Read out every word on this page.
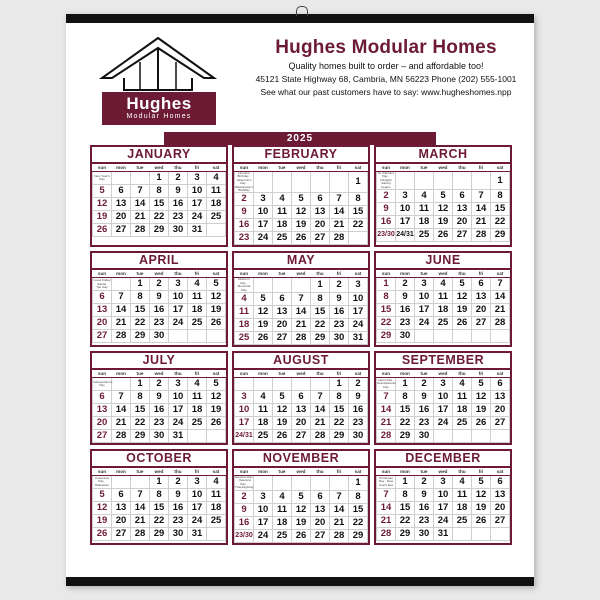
Hughes
Modular Homes
Hughes Modular Homes
Quality homes built to order – and affordable too!
45121 State Highway 68, Cambria, MN 56223 Phone (202) 555-1001
See what our past customers have to say: www.hugheshomes.npp
2025
JANUARY
sun	mon	tue	wed	thu	fri	sat
New Year's Day			1	2	3	4
5	6	7	8	9	10	11
12	13	14	15	16	17	18
19	20	21	22	23	24	25
26	27	28	29	30	31	
FEBRUARY
sun	mon	tue	wed	thu	fri	sat
Lincoln's Birthday · Valentine's Day · Washington's Birthday						1
2	3	4	5	6	7	8
9	10	11	12	13	14	15
16	17	18	19	20	21	22
23	24	25	26	27	28	
MARCH
sun	mon	tue	wed	thu	fri	sat
St. Patrick's Day · Daylight Saving begins						1
2	3	4	5	6	7	8
9	10	11	12	13	14	15
16	17	18	19	20	21	22
23/30	24/31	25	26	27	28	29
APRIL
sun	mon	tue	wed	thu	fri	sat
Good Friday · Easter · Tax Day		1	2	3	4	5
6	7	8	9	10	11	12
13	14	15	16	17	18	19
20	21	22	23	24	25	26
27	28	29	30			
MAY
sun	mon	tue	wed	thu	fri	sat
Mother's Day · Memorial Day				1	2	3
4	5	6	7	8	9	10
11	12	13	14	15	16	17
18	19	20	21	22	23	24
25	26	27	28	29	30	31
JUNE
sun	mon	tue	wed	thu	fri	sat
1	2	3	4	5	6	7
8	9	10	11	12	13	14
15	16	17	18	19	20	21
22	23	24	25	26	27	28
29	30					
JULY
sun	mon	tue	wed	thu	fri	sat
Independence Day		1	2	3	4	5
6	7	8	9	10	11	12
13	14	15	16	17	18	19
20	21	22	23	24	25	26
27	28	29	30	31		
AUGUST
sun	mon	tue	wed	thu	fri	sat
					1	2
3	4	5	6	7	8	9
10	11	12	13	14	15	16
17	18	19	20	21	22	23
24/31	25	26	27	28	29	30
SEPTEMBER
sun	mon	tue	wed	thu	fri	sat
Labor Day · Grandparents Day	1	2	3	4	5	6
7	8	9	10	11	12	13
14	15	16	17	18	19	20
21	22	23	24	25	26	27
28	29	30				
OCTOBER
sun	mon	tue	wed	thu	fri	sat
Columbus Day · Halloween			1	2	3	4
5	6	7	8	9	10	11
12	13	14	15	16	17	18
19	20	21	22	23	24	25
26	27	28	29	30	31	
NOVEMBER
sun	mon	tue	wed	thu	fri	sat
Election Day · Veterans Day · Thanksgiving						1
2	3	4	5	6	7	8
9	10	11	12	13	14	15
16	17	18	19	20	21	22
23/30	24	25	26	27	28	29
DECEMBER
sun	mon	tue	wed	thu	fri	sat
Christmas Day · New Year's Eve	1	2	3	4	5	6
7	8	9	10	11	12	13
14	15	16	17	18	19	20
21	22	23	24	25	26	27
28	29	30	31			
